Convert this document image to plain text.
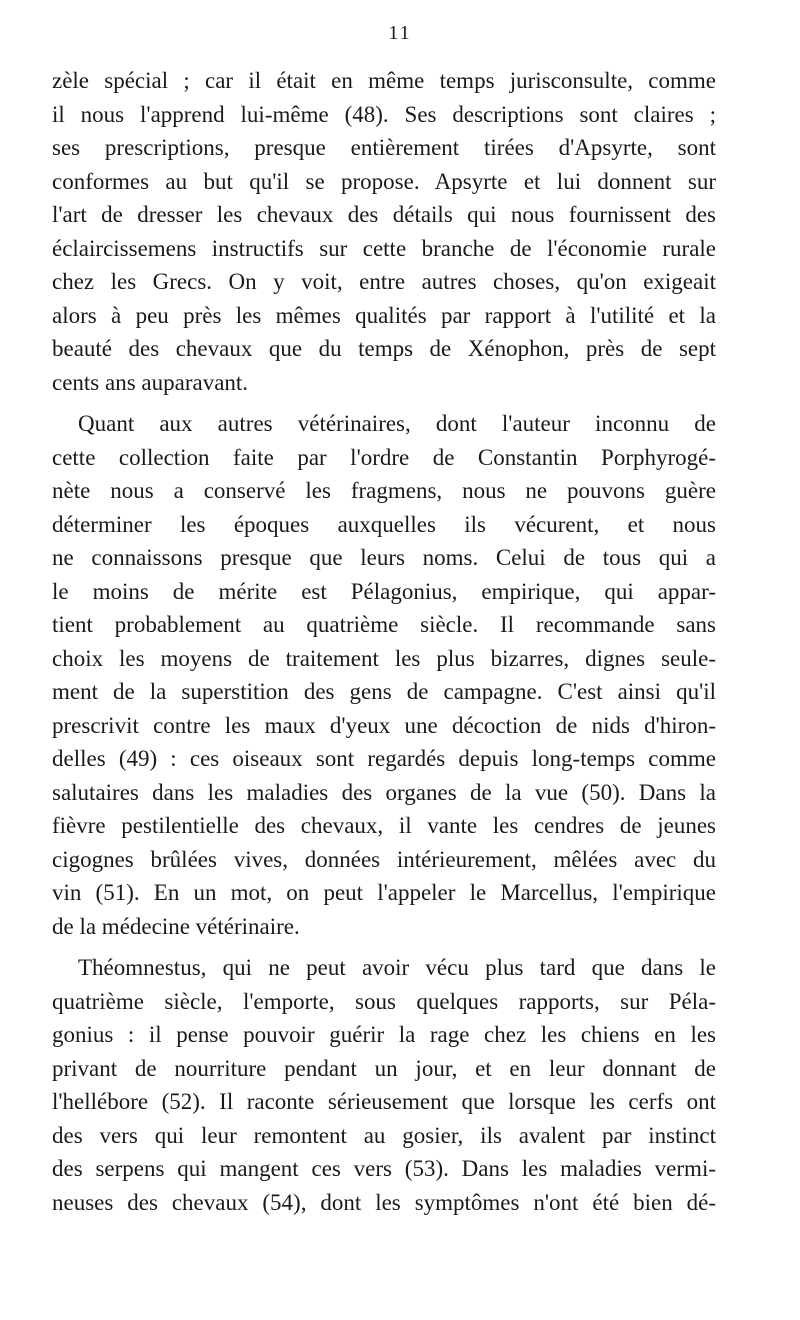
11
zèle spécial ; car il était en même temps jurisconsulte, comme
il nous l'apprend lui-même (48). Ses descriptions sont claires ;
ses prescriptions, presque entièrement tirées d'Apsyrte, sont
conformes au but qu'il se propose. Apsyrte et lui donnent sur
l'art de dresser les chevaux des détails qui nous fournissent des
éclaircissemens instructifs sur cette branche de l'économie rurale
chez les Grecs. On y voit, entre autres choses, qu'on exigeait
alors à peu près les mêmes qualités par rapport à l'utilité et la
beauté des chevaux que du temps de Xénophon, près de sept
cents ans auparavant.
Quant aux autres vétérinaires, dont l'auteur inconnu de
cette collection faite par l'ordre de Constantin Porphyrogé-
nète nous a conservé les fragmens, nous ne pouvons guère
déterminer les époques auxquelles ils vécurent, et nous
ne connaissons presque que leurs noms. Celui de tous qui a
le moins de mérite est Pélagonius, empirique, qui appar-
tient probablement au quatrième siècle. Il recommande sans
choix les moyens de traitement les plus bizarres, dignes seule-
ment de la superstition des gens de campagne. C'est ainsi qu'il
prescrivit contre les maux d'yeux une décoction de nids d'hiron-
delles (49) : ces oiseaux sont regardés depuis long-temps comme
salutaires dans les maladies des organes de la vue (50). Dans la
fièvre pestilentielle des chevaux, il vante les cendres de jeunes
cigognes brûlées vives, données intérieurement, mêlées avec du
vin (51). En un mot, on peut l'appeler le Marcellus, l'empirique
de la médecine vétérinaire.
Théomnestus, qui ne peut avoir vécu plus tard que dans le
quatrième siècle, l'emporte, sous quelques rapports, sur Péla-
gonius : il pense pouvoir guérir la rage chez les chiens en les
privant de nourriture pendant un jour, et en leur donnant de
l'hellébore (52). Il raconte sérieusement que lorsque les cerfs ont
des vers qui leur remontent au gosier, ils avalent par instinct
des serpens qui mangent ces vers (53). Dans les maladies vermi-
neuses des chevaux (54), dont les symptômes n'ont été bien dé-
